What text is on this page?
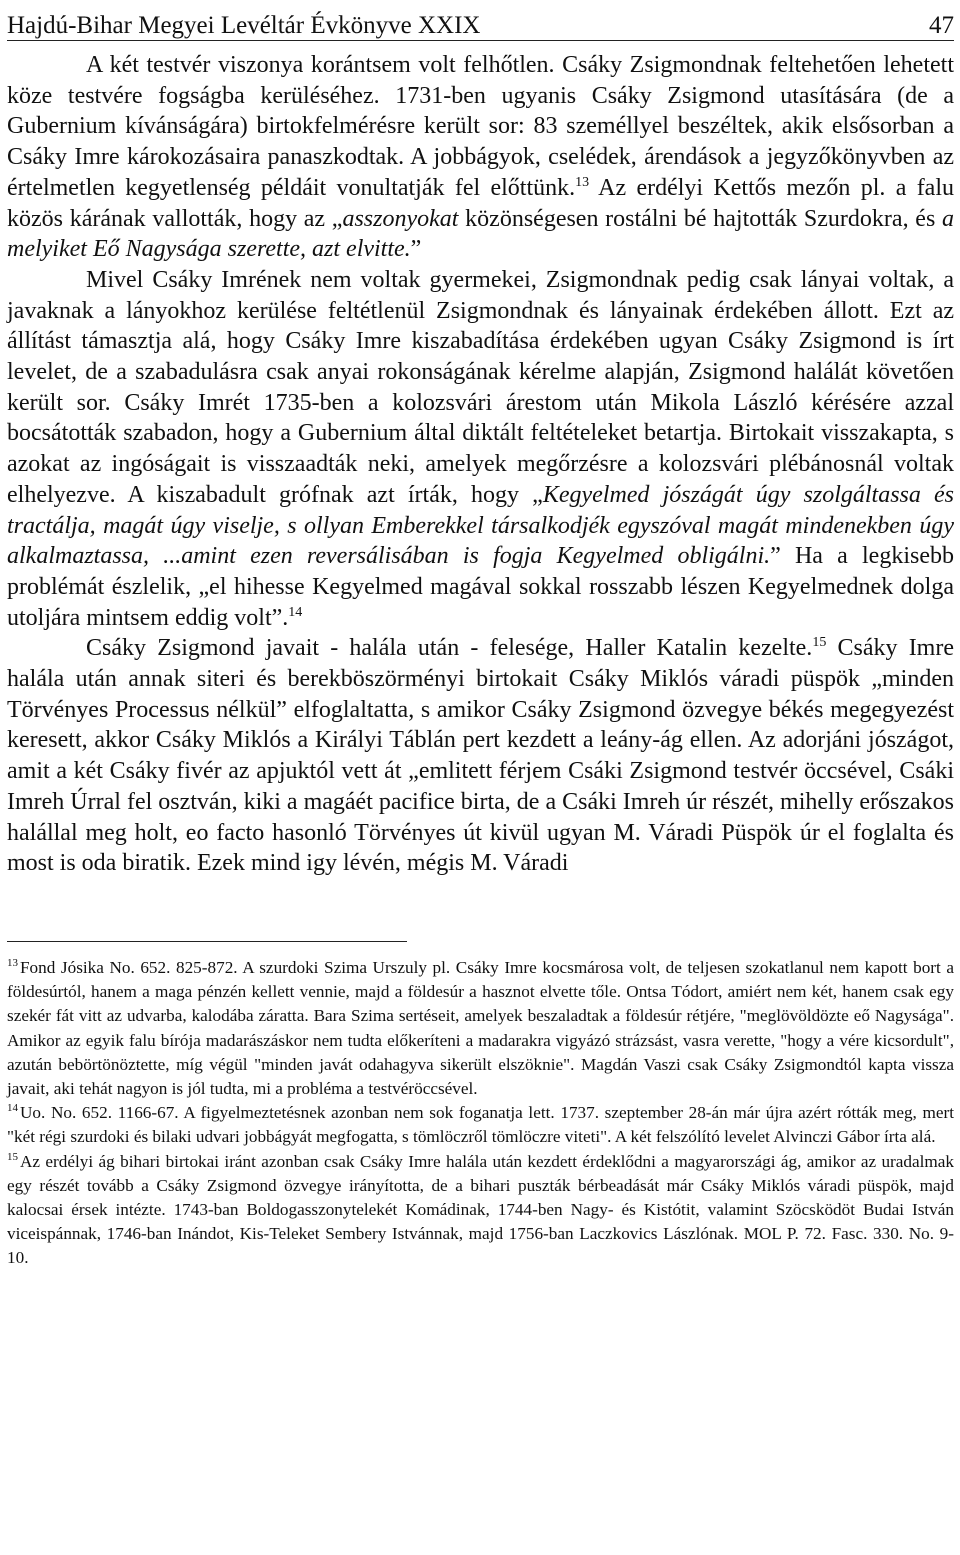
Hajdú-Bihar Megyei Levéltár Évkönyve XXIX	47

A két testvér viszonya korántsem volt felhőtlen. Csáky Zsigmondnak feltehetően lehetett köze testvére fogságba kerüléséhez. 1731-ben ugyanis Csáky Zsigmond utasítására (de a Gubernium kívánságára) birtokfelmérésre került sor: 83 személlyel beszéltek, akik elsősorban a Csáky Imre károkozásaira panaszkodtak. A jobbágyok, cselédek, árendások a jegyzőkönyvben az értelmetlen kegyetlenség példáit vonultatják fel előttünk.$^{13}$ Az erdélyi Kettős mezőn pl. a falu közös kárának vallották, hogy az „asszonyokat közönségesen rostálni bé hajtották Szurdokra, és a melyiket Eő Nagysága szerette, azt elvitte.”

Mivel Csáky Imrének nem voltak gyermekei, Zsigmondnak pedig csak lányai voltak, a javaknak a lányokhoz kerülése feltétlenül Zsigmondnak és lányainak érdekében állott. Ezt az állítást támasztja alá, hogy Csáky Imre kiszabadítása érdekében ugyan Csáky Zsigmond is írt levelet, de a szabadulásra csak anyai rokonságának kérelme alapján, Zsigmond halálát követően került sor. Csáky Imrét 1735-ben a kolozsvári árestom után Mikola László kérésére azzal bocsátották szabadon, hogy a Gubernium által diktált feltételeket betartja. Birtokait visszakapta, s azokat az ingóságait is visszaadták neki, amelyek megőrzésre a kolozsvári plébánosnál voltak elhelyezve. A kiszabadult grófnak azt írták, hogy „Kegyelmed jószágát úgy szolgáltassa és tractálja, magát úgy viselje, s ollyan Emberekkel társalkodjék egyszóval magát mindenekben úgy alkalmaztassa, ...amint ezen reversálisában is fogja Kegyelmed obligálni.” Ha a legkisebb problémát észlelik, „el hihesse Kegyelmed magával sokkal rosszabb lészen Kegyelmednek dolga utoljára mintsem eddig volt”.$^{14}$

Csáky Zsigmond javait - halála után - felesége, Haller Katalin kezelte.$^{15}$ Csáky Imre halála után annak siteri és berekböszörményi birtokait Csáky Miklós váradi püspök „minden Törvényes Processus nélkül” elfoglaltatta, s amikor Csáky Zsigmond özvegye békés megegyezést keresett, akkor Csáky Miklós a Királyi Táblán pert kezdett a leány-ág ellen. Az adorjáni jószágot, amit a két Csáky fivér az apjuktól vett át „emlitett férjem Csáki Zsigmond testvér öccsével, Csáki Imreh Úrral fel osztván, kiki a magáét pacifice birta, de a Csáki Imreh úr részét, mihelly erőszakos halállal meg holt, eo facto hasonló Törvényes út kivül ugyan M. Váradi Püspök úr el foglalta és most is oda biratik. Ezek mind igy lévén, mégis M. Váradi

$^{13}$ Fond Jósika No. 652. 825-872. A szurdoki Szima Urszuly pl. Csáky Imre kocsmárosa volt, de teljesen szokatlanul nem kapott bort a földesúrtól, hanem a maga pénzén kellett vennie, majd a földesúr a hasznot elvette tőle. Ontsa Tódort, amiért nem két, hanem csak egy szekér fát vitt az udvarba, kalodába záratta. Bara Szima sertéseit, amelyek beszaladtak a földesúr rétjére, "meglövöldözte eő Nagysága". Amikor az egyik falu bírója madarászáskor nem tudta előkeríteni a madarakra vigyázó strázsást, vasra verette, "hogy a vére kicsordult", azután bebörtönöztette, míg végül "minden javát odahagyva sikerült elszöknie". Magdán Vaszi csak Csáky Zsigmondtól kapta vissza javait, aki tehát nagyon is jól tudta, mi a probléma a testvéröccsével.

$^{14}$ Uo. No. 652. 1166-67. A figyelmeztetésnek azonban nem sok foganatja lett. 1737. szeptember 28-án már újra azért rótták meg, mert "két régi szurdoki és bilaki udvari jobbágyát megfogatta, s tömlöczről tömlöczre viteti". A két felszólító levelet Alvinczi Gábor írta alá.

$^{15}$ Az erdélyi ág bihari birtokai iránt azonban csak Csáky Imre halála után kezdett érdeklődni a magyarországi ág, amikor az uradalmak egy részét tovább a Csáky Zsigmond özvegye irányította, de a bihari puszták bérbeadását már Csáky Miklós váradi püspök, majd kalocsai érsek intézte. 1743-ban Boldogasszonytelekét Komádinak, 1744-ben Nagy- és Kistótit, valamint Szöcsködöt Budai István viceispánnak, 1746-ban Inándot, Kis-Teleket Sembery Istvánnak, majd 1756-ban Laczkovics Lászlónak. MOL P. 72. Fasc. 330. No. 9-10.
